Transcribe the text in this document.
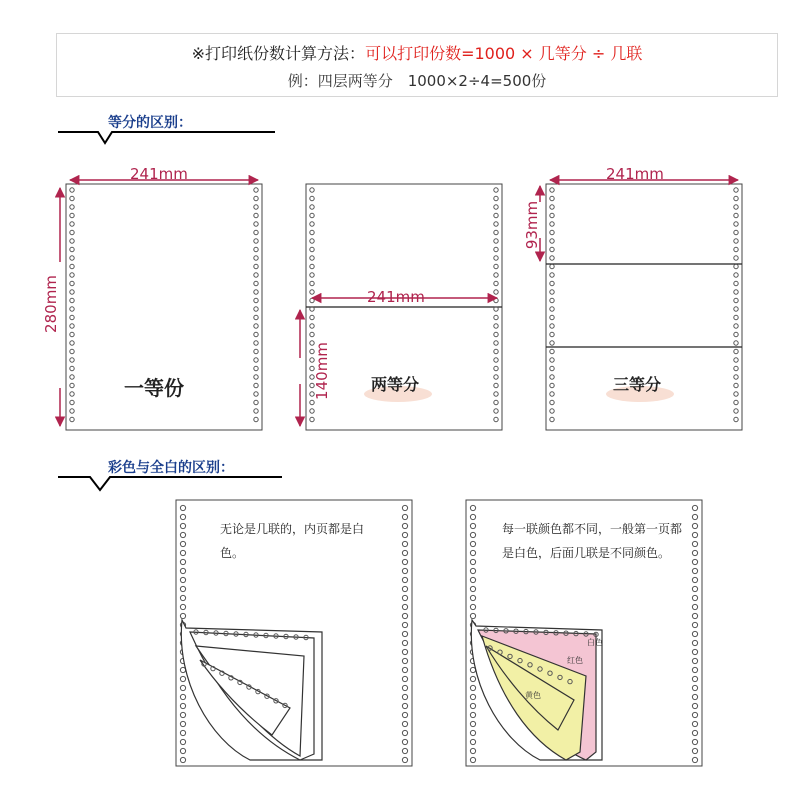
※打印纸份数计算方法：可以打印份数=1000 × 几等分 ÷ 几联
例：四层两等分　1000×2÷4=500份
等分的区别：
彩色与全白的区别：
241mm
280mm	241mm
140mm
241mm
93mm
一等份	两等分	三等分
无论是几联的，内页都是白色。
每一联颜色都不同，一般第一页都是白色，后面几联是不同颜色。
白色
红色
黄色
